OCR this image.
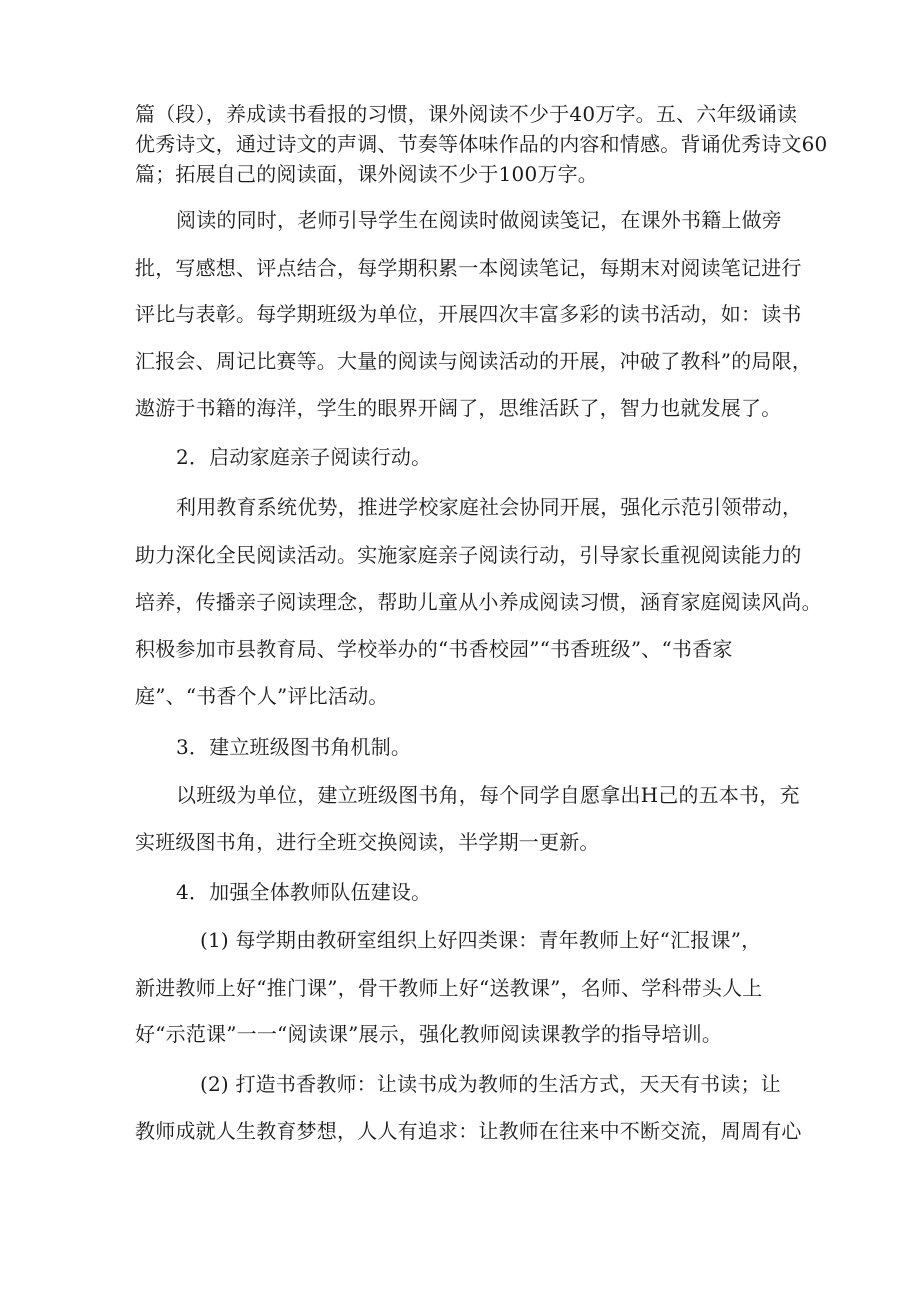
篇（段），养成读书看报的习惯，课外阅读不少于40万字。五、六年级诵读
优秀诗文，通过诗文的声调、节奏等体味作品的内容和情感。背诵优秀诗文60
篇；拓展自己的阅读面，课外阅读不少于100万字。
阅读的同时，老师引导学生在阅读时做阅读笺记，在课外书籍上做旁
批，写感想、评点结合，每学期积累一本阅读笔记，每期末对阅读笔记进行
评比与表彰。每学期班级为单位，开展四次丰富多彩的读书活动，如：读书
汇报会、周记比赛等。大量的阅读与阅读活动的开展，冲破了教科”的局限，
遨游于书籍的海洋，学生的眼界开阔了，思维活跃了，智力也就发展了。
2．启动家庭亲子阅读行动。
利用教育系统优势，推进学校家庭社会协同开展，强化示范引领带动，
助力深化全民阅读活动。实施家庭亲子阅读行动，引导家长重视阅读能力的
培养，传播亲子阅读理念，帮助儿童从小养成阅读习惯，涵育家庭阅读风尚。
积极参加市县教育局、学校举办的“书香校园”“书香班级”、“书香家
庭”、“书香个人”评比活动。
3．建立班级图书角机制。
以班级为单位，建立班级图书角，每个同学自愿拿出H己的五本书，充
实班级图书角，进行全班交换阅读，半学期一更新。
4．加强全体教师队伍建设。
(1) 每学期由教研室组织上好四类课：青年教师上好“汇报课”，
新进教师上好“推门课”，骨干教师上好“送教课”，名师、学科带头人上
好“示范课”一一“阅读课”展示，强化教师阅读课教学的指导培训。
(2) 打造书香教师：让读书成为教师的生活方式，天天有书读；让
教师成就人生教育梦想，人人有追求：让教师在往来中不断交流，周周有心
